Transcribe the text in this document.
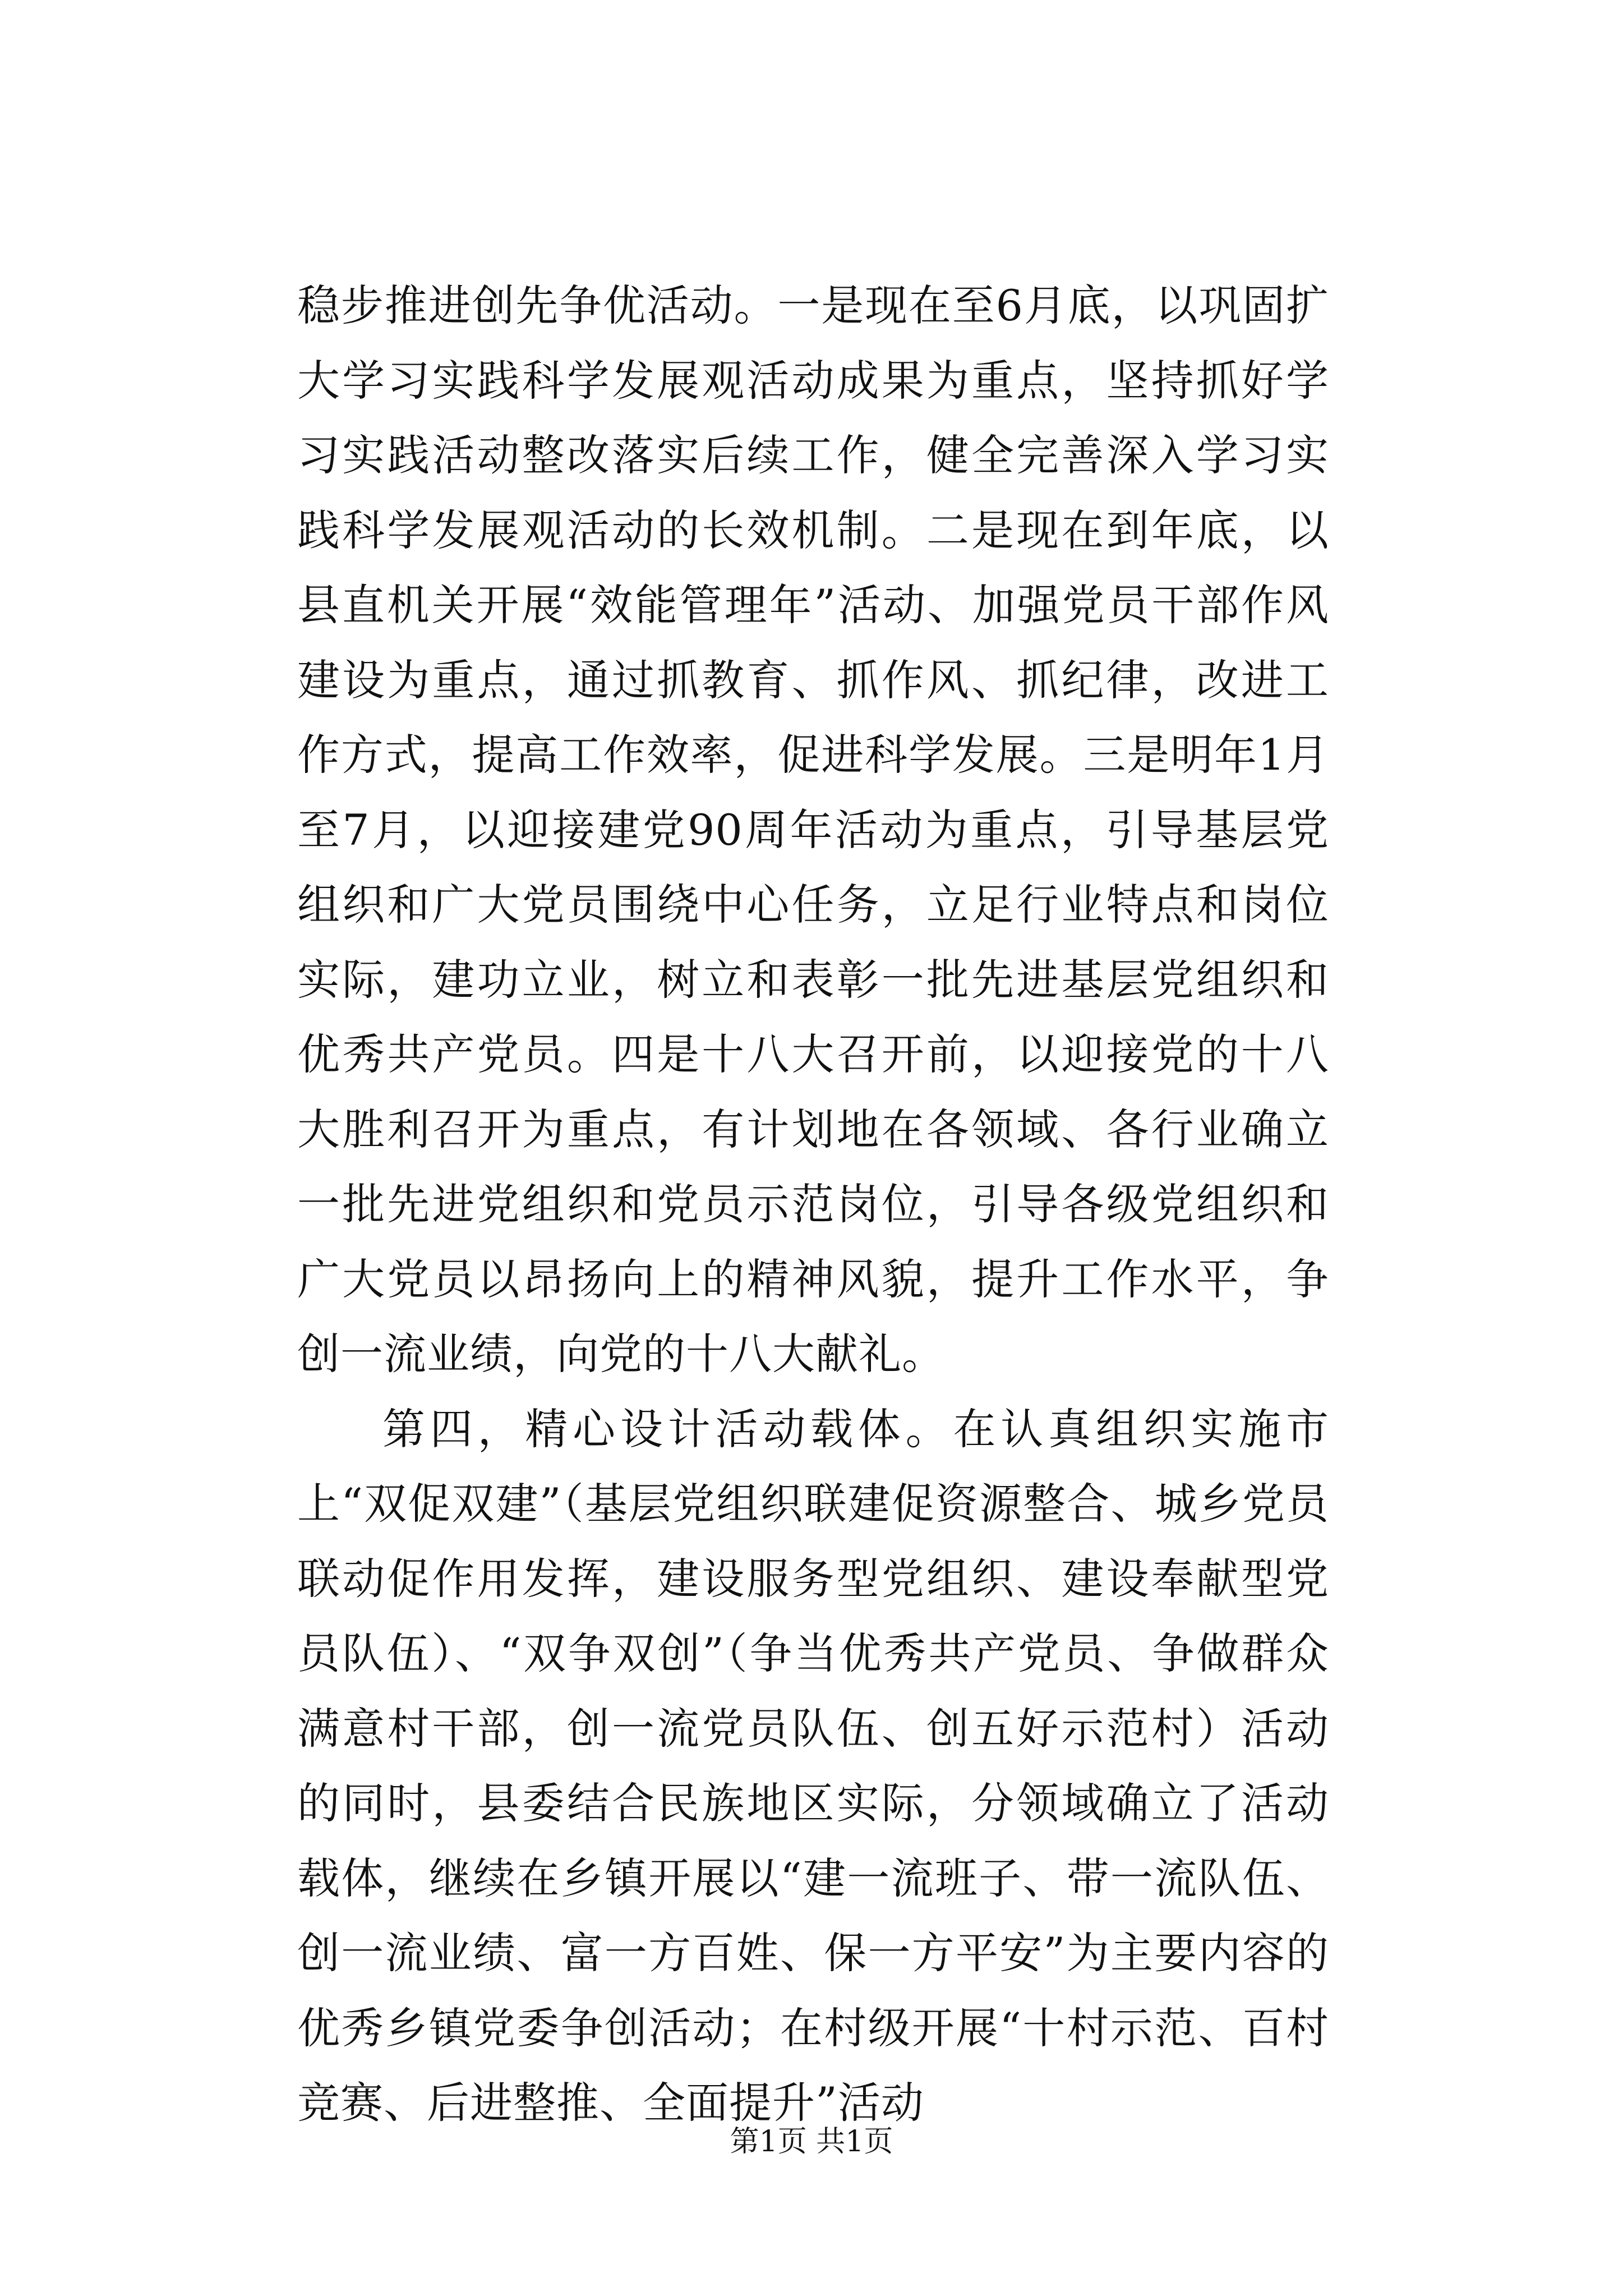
稳步推进创先争优活动。一是现在至6月底，以巩固扩大学习实践科学发展观活动成果为重点，坚持抓好学习实践活动整改落实后续工作，健全完善深入学习实践科学发展观活动的长效机制。二是现在到年底，以县直机关开展“效能管理年”活动、加强党员干部作风建设为重点，通过抓教育、抓作风、抓纪律，改进工作方式，提高工作效率，促进科学发展。三是明年1月至7月，以迎接建党90周年活动为重点，引导基层党组织和广大党员围绕中心任务，立足行业特点和岗位实际，建功立业，树立和表彰一批先进基层党组织和优秀共产党员。四是十八大召开前，以迎接党的十八大胜利召开为重点，有计划地在各领域、各行业确立一批先进党组织和党员示范岗位，引导各级党组织和广大党员以昂扬向上的精神风貌，提升工作水平，争创一流业绩，向党的十八大献礼。

第四，精心设计活动载体。在认真组织实施市上“双促双建”（基层党组织联建促资源整合、城乡党员联动促作用发挥，建设服务型党组织、建设奉献型党员队伍）、“双争双创”（争当优秀共产党员、争做群众满意村干部，创一流党员队伍、创五好示范村）活动的同时，县委结合民族地区实际，分领域确立了活动载体，继续在乡镇开展以“建一流班子、带一流队伍、创一流业绩、富一方百姓、保一方平安”为主要内容的优秀乡镇党委争创活动；在村级开展“十村示范、百村竞赛、后进整推、全面提升”活动

第1页 共1页
